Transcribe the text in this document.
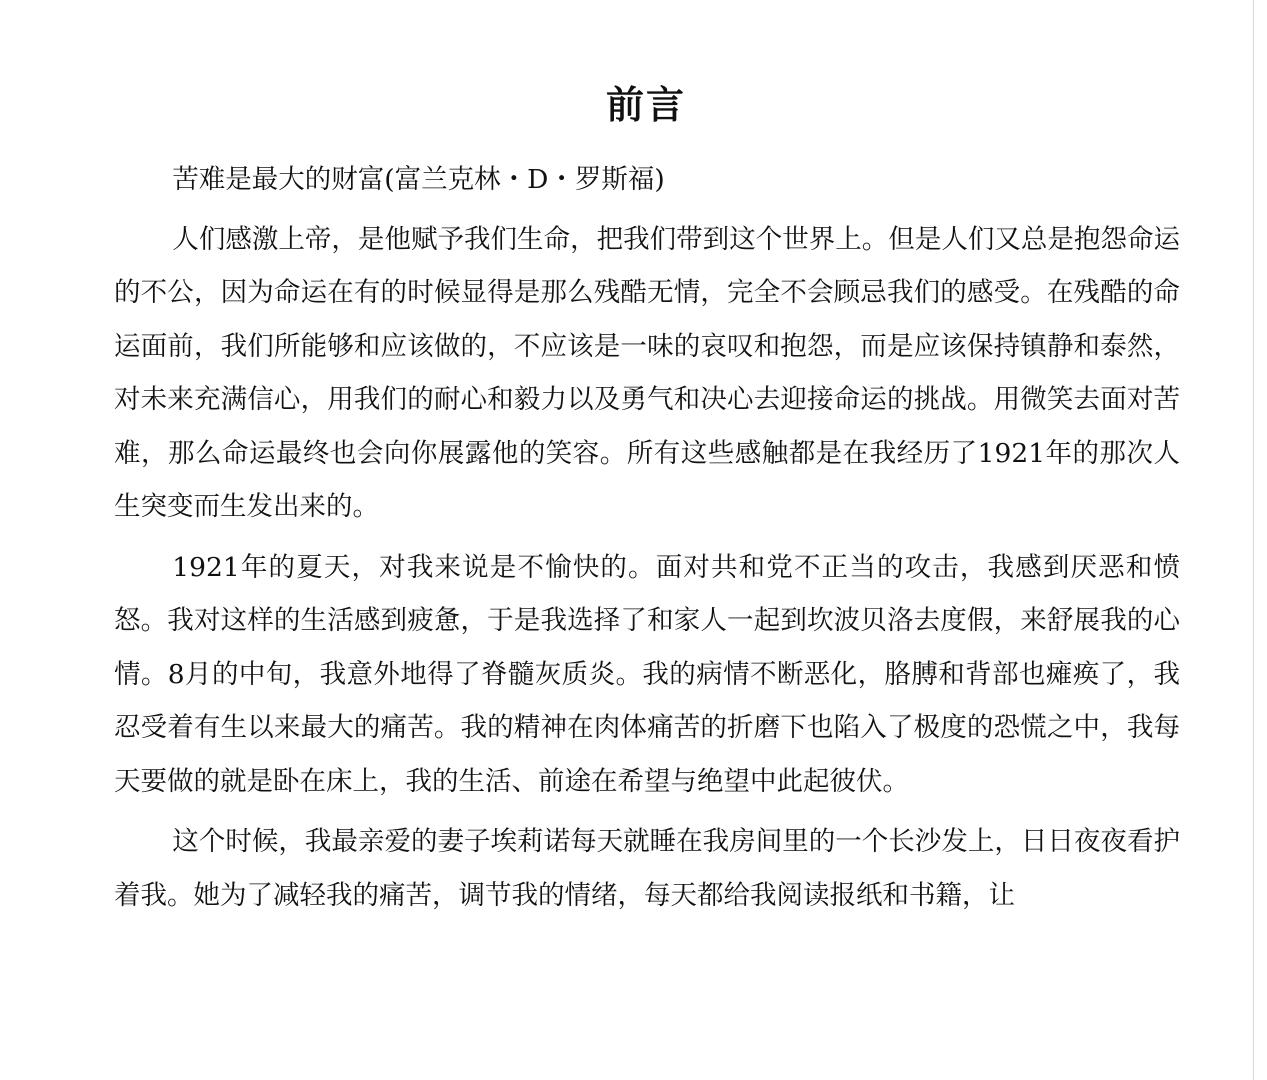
前言

苦难是最大的财富(富兰克林・D・罗斯福)

人们感激上帝，是他赋予我们生命，把我们带到这个世界上。但是人们又总是抱怨命运的不公，因为命运在有的时候显得是那么残酷无情，完全不会顾忌我们的感受。在残酷的命运面前，我们所能够和应该做的，不应该是一味的哀叹和抱怨，而是应该保持镇静和泰然，对未来充满信心，用我们的耐心和毅力以及勇气和决心去迎接命运的挑战。用微笑去面对苦难，那么命运最终也会向你展露他的笑容。所有这些感触都是在我经历了1921年的那次人生突变而生发出来的。

1921年的夏天，对我来说是不愉快的。面对共和党不正当的攻击，我感到厌恶和愤怒。我对这样的生活感到疲惫，于是我选择了和家人一起到坎波贝洛去度假，来舒展我的心情。8月的中旬，我意外地得了脊髓灰质炎。我的病情不断恶化，胳膊和背部也瘫痪了，我忍受着有生以来最大的痛苦。我的精神在肉体痛苦的折磨下也陷入了极度的恐慌之中，我每天要做的就是卧在床上，我的生活、前途在希望与绝望中此起彼伏。

这个时候，我最亲爱的妻子埃莉诺每天就睡在我房间里的一个长沙发上，日日夜夜看护着我。她为了减轻我的痛苦，调节我的情绪，每天都给我阅读报纸和书籍，让
